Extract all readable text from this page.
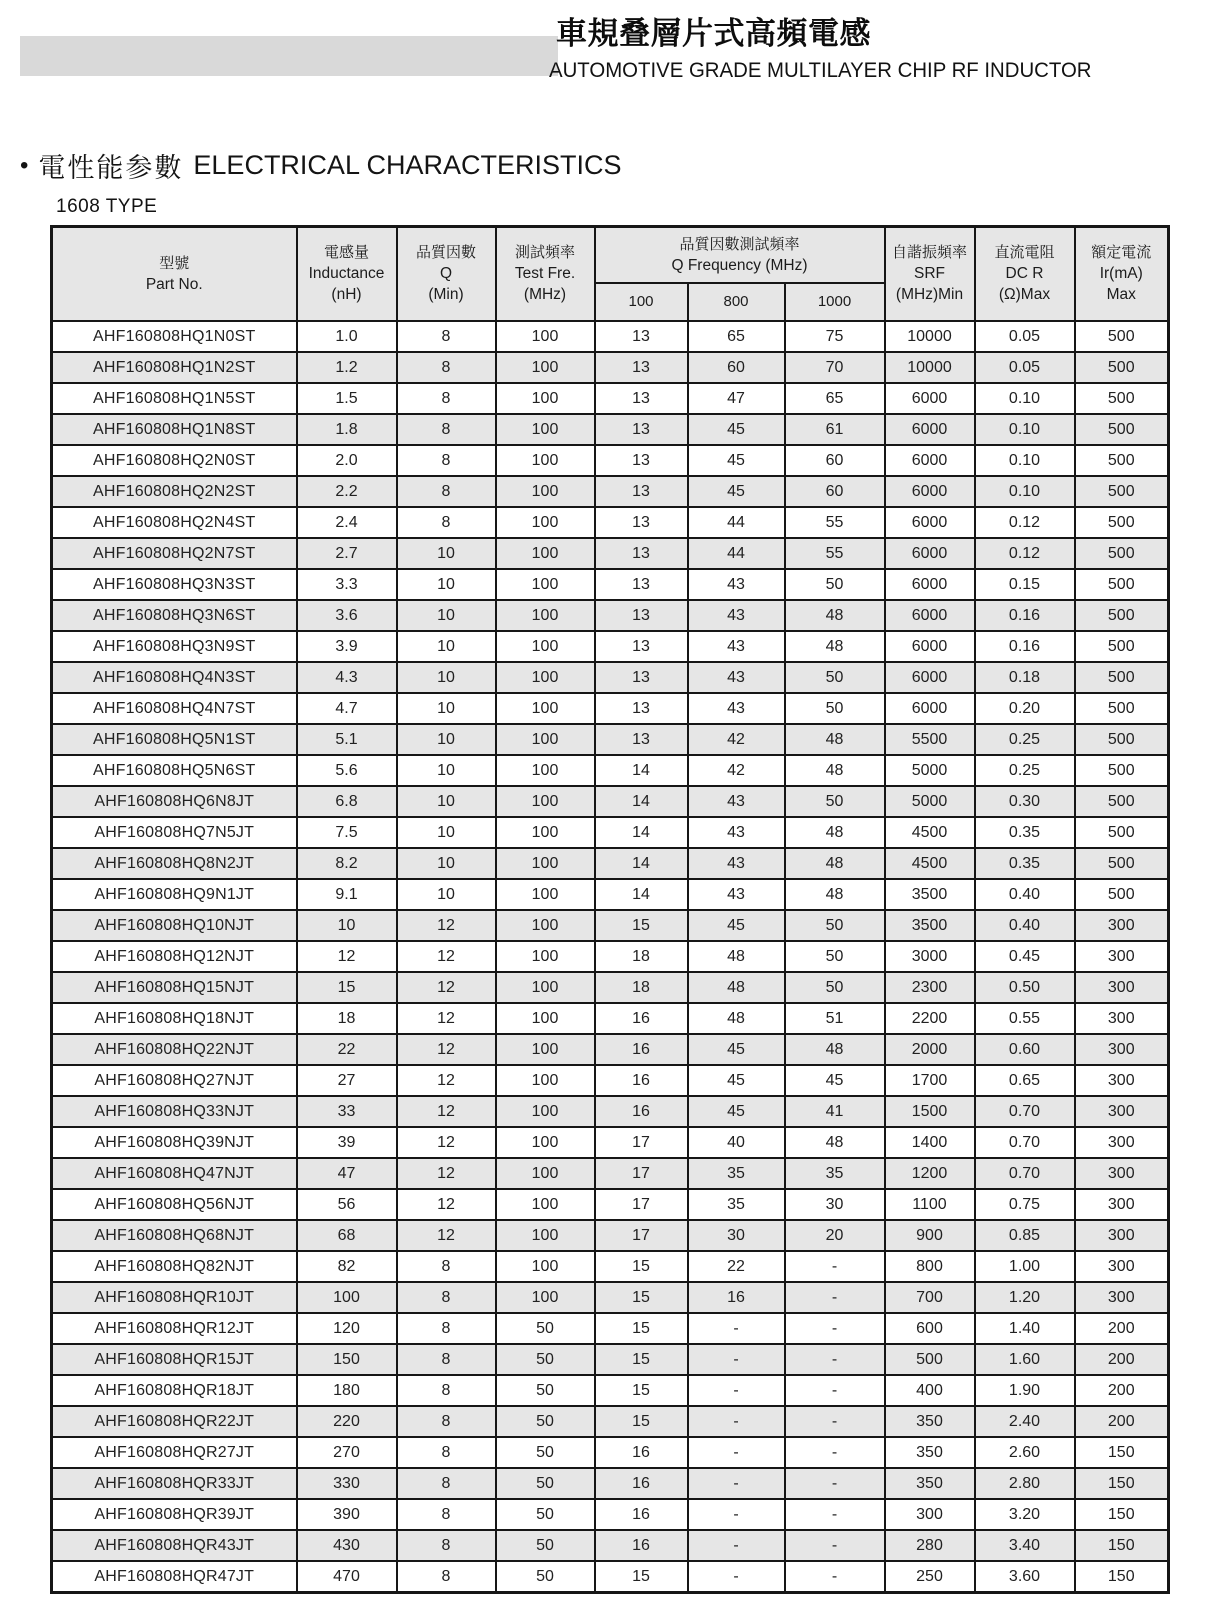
車規叠層片式高頻電感
AUTOMOTIVE GRADE MULTILAYER CHIP RF INDUCTOR
• 電性能参數 ELECTRICAL CHARACTERISTICS
1608 TYPE
型號
Part No.

電感量
Inductance
(nH)

品質因數
Q
(Min)

測試頻率
Test Fre.
(MHz)

品質因數測試頻率
Q Frequency (MHz)

自諧振頻率
SRF
(MHz)Min

直流電阻
DC R
(Ω)Max

額定電流
Ir(mA)
Max

				100	800	1000			
AHF160808HQ1N0ST	1.0	8	100	13	65	75	10000	0.05	500
AHF160808HQ1N2ST	1.2	8	100	13	60	70	10000	0.05	500
AHF160808HQ1N5ST	1.5	8	100	13	47	65	6000	0.10	500
AHF160808HQ1N8ST	1.8	8	100	13	45	61	6000	0.10	500
AHF160808HQ2N0ST	2.0	8	100	13	45	60	6000	0.10	500
AHF160808HQ2N2ST	2.2	8	100	13	45	60	6000	0.10	500
AHF160808HQ2N4ST	2.4	8	100	13	44	55	6000	0.12	500
AHF160808HQ2N7ST	2.7	10	100	13	44	55	6000	0.12	500
AHF160808HQ3N3ST	3.3	10	100	13	43	50	6000	0.15	500
AHF160808HQ3N6ST	3.6	10	100	13	43	48	6000	0.16	500
AHF160808HQ3N9ST	3.9	10	100	13	43	48	6000	0.16	500
AHF160808HQ4N3ST	4.3	10	100	13	43	50	6000	0.18	500
AHF160808HQ4N7ST	4.7	10	100	13	43	50	6000	0.20	500
AHF160808HQ5N1ST	5.1	10	100	13	42	48	5500	0.25	500
AHF160808HQ5N6ST	5.6	10	100	14	42	48	5000	0.25	500
AHF160808HQ6N8JT	6.8	10	100	14	43	50	5000	0.30	500
AHF160808HQ7N5JT	7.5	10	100	14	43	48	4500	0.35	500
AHF160808HQ8N2JT	8.2	10	100	14	43	48	4500	0.35	500
AHF160808HQ9N1JT	9.1	10	100	14	43	48	3500	0.40	500
AHF160808HQ10NJT	10	12	100	15	45	50	3500	0.40	300
AHF160808HQ12NJT	12	12	100	18	48	50	3000	0.45	300
AHF160808HQ15NJT	15	12	100	18	48	50	2300	0.50	300
AHF160808HQ18NJT	18	12	100	16	48	51	2200	0.55	300
AHF160808HQ22NJT	22	12	100	16	45	48	2000	0.60	300
AHF160808HQ27NJT	27	12	100	16	45	45	1700	0.65	300
AHF160808HQ33NJT	33	12	100	16	45	41	1500	0.70	300
AHF160808HQ39NJT	39	12	100	17	40	48	1400	0.70	300
AHF160808HQ47NJT	47	12	100	17	35	35	1200	0.70	300
AHF160808HQ56NJT	56	12	100	17	35	30	1100	0.75	300
AHF160808HQ68NJT	68	12	100	17	30	20	900	0.85	300
AHF160808HQ82NJT	82	8	100	15	22	-	800	1.00	300
AHF160808HQR10JT	100	8	100	15	16	-	700	1.20	300
AHF160808HQR12JT	120	8	50	15	-	-	600	1.40	200
AHF160808HQR15JT	150	8	50	15	-	-	500	1.60	200
AHF160808HQR18JT	180	8	50	15	-	-	400	1.90	200
AHF160808HQR22JT	220	8	50	15	-	-	350	2.40	200
AHF160808HQR27JT	270	8	50	16	-	-	350	2.60	150
AHF160808HQR33JT	330	8	50	16	-	-	350	2.80	150
AHF160808HQR39JT	390	8	50	16	-	-	300	3.20	150
AHF160808HQR43JT	430	8	50	16	-	-	280	3.40	150
AHF160808HQR47JT	470	8	50	15	-	-	250	3.60	150
